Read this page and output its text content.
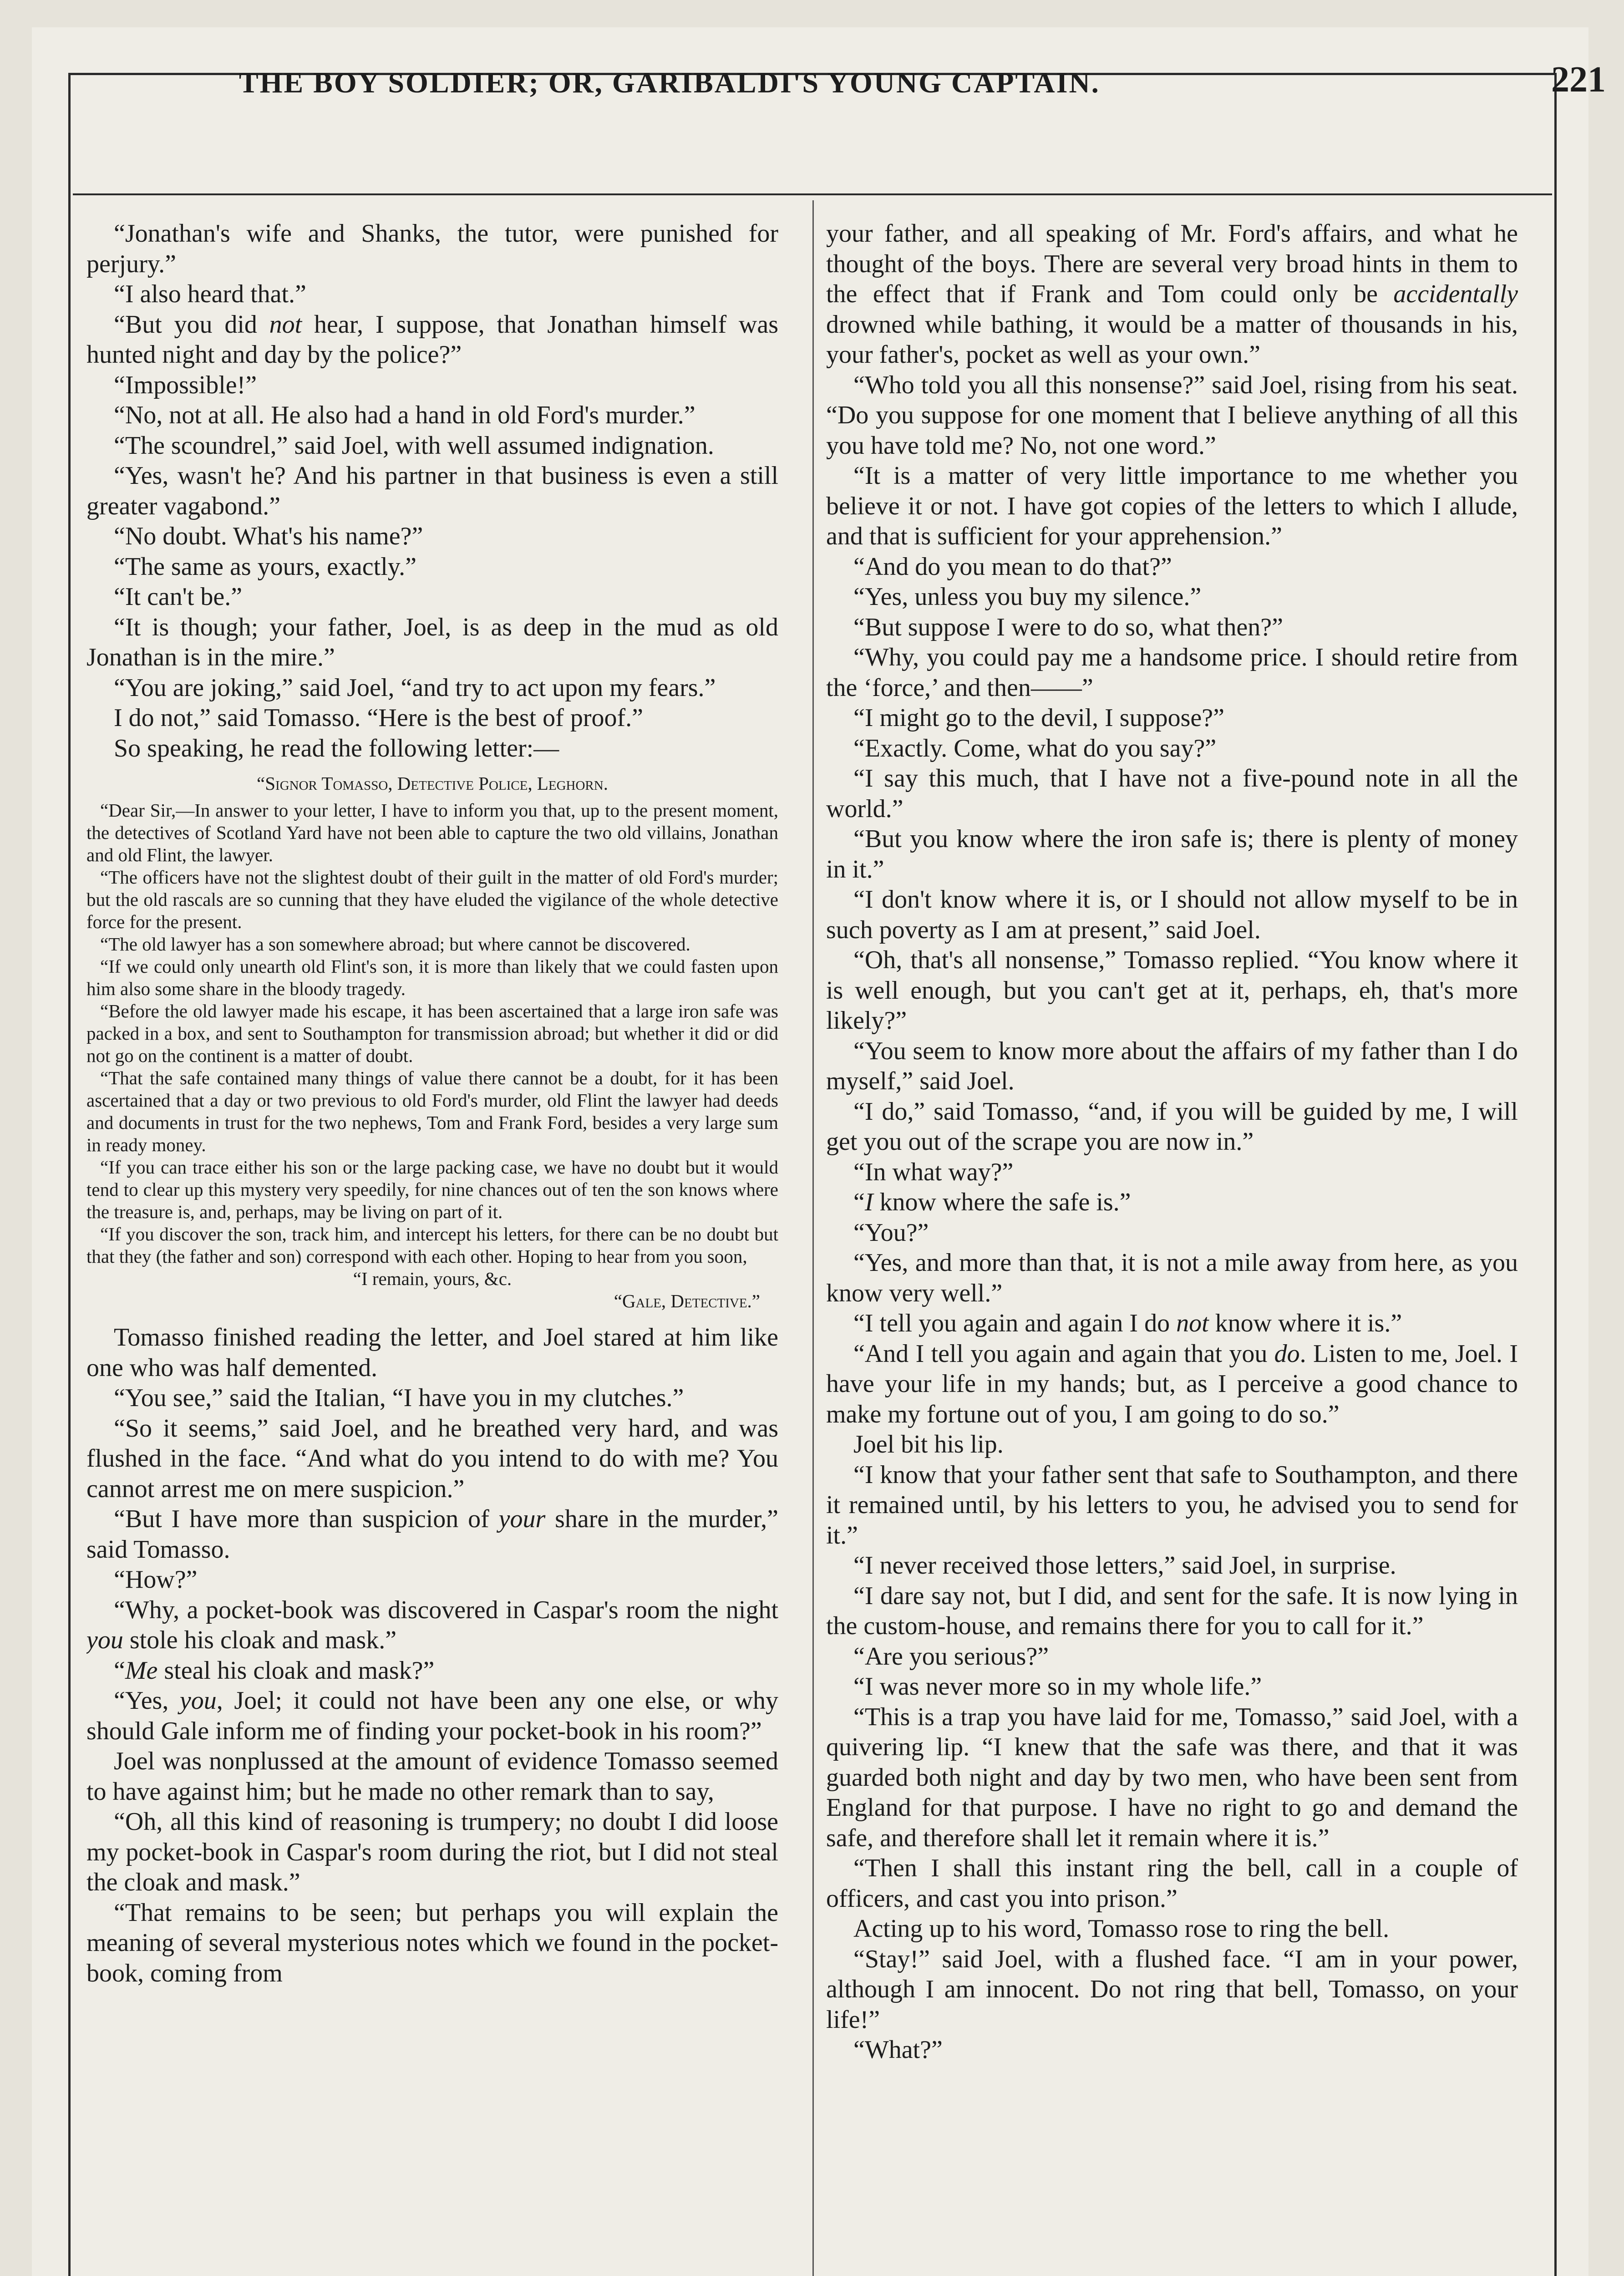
THE BOY SOLDIER; OR, GARIBALDI'S YOUNG CAPTAIN.	221

“Jonathan's wife and Shanks, the tutor, were punished for perjury.”

“I also heard that.”

“But you did not hear, I suppose, that Jonathan himself was hunted night and day by the police?”

“Impossible!”

“No, not at all. He also had a hand in old Ford's murder.”

“The scoundrel,” said Joel, with well assumed indignation.

“Yes, wasn't he? And his partner in that business is even a still greater vagabond.”

“No doubt. What's his name?”

“The same as yours, exactly.”

“It can't be.”

“It is though; your father, Joel, is as deep in the mud as old Jonathan is in the mire.”

“You are joking,” said Joel, “and try to act upon my fears.”

I do not,” said Tomasso. “Here is the best of proof.”

So speaking, he read the following letter:—

“Signor Tomasso, Detective Police, Leghorn.

“Dear Sir,—In answer to your letter, I have to inform you that, up to the present moment, the detectives of Scotland Yard have not been able to capture the two old villains, Jonathan and old Flint, the lawyer.

“The officers have not the slightest doubt of their guilt in the matter of old Ford's murder; but the old rascals are so cunning that they have eluded the vigilance of the whole detective force for the present.

“The old lawyer has a son somewhere abroad; but where cannot be discovered.

“If we could only unearth old Flint's son, it is more than likely that we could fasten upon him also some share in the bloody tragedy.

“Before the old lawyer made his escape, it has been ascertained that a large iron safe was packed in a box, and sent to Southampton for transmission abroad; but whether it did or did not go on the continent is a matter of doubt.

“That the safe contained many things of value there cannot be a doubt, for it has been ascertained that a day or two previous to old Ford's murder, old Flint the lawyer had deeds and documents in trust for the two nephews, Tom and Frank Ford, besides a very large sum in ready money.

“If you can trace either his son or the large packing case, we have no doubt but it would tend to clear up this mystery very speedily, for nine chances out of ten the son knows where the treasure is, and, perhaps, may be living on part of it.

“If you discover the son, track him, and intercept his letters, for there can be no doubt but that they (the father and son) correspond with each other. Hoping to hear from you soon,

“I remain, yours, &c.

“Gale, Detective.”

Tomasso finished reading the letter, and Joel stared at him like one who was half demented.

“You see,” said the Italian, “I have you in my clutches.”

“So it seems,” said Joel, and he breathed very hard, and was flushed in the face. “And what do you intend to do with me? You cannot arrest me on mere suspicion.”

“But I have more than suspicion of your share in the murder,” said Tomasso.

“How?”

“Why, a pocket-book was discovered in Caspar's room the night you stole his cloak and mask.”

“Me steal his cloak and mask?”

“Yes, you, Joel; it could not have been any one else, or why should Gale inform me of finding your pocket-book in his room?”

Joel was nonplussed at the amount of evidence Tomasso seemed to have against him; but he made no other remark than to say,

“Oh, all this kind of reasoning is trumpery; no doubt I did loose my pocket-book in Caspar's room during the riot, but I did not steal the cloak and mask.”

“That remains to be seen; but perhaps you will explain the meaning of several mysterious notes which we found in the pocket-book, coming from

your father, and all speaking of Mr. Ford's affairs, and what he thought of the boys. There are several very broad hints in them to the effect that if Frank and Tom could only be accidentally drowned while bathing, it would be a matter of thousands in his, your father's, pocket as well as your own.”

“Who told you all this nonsense?” said Joel, rising from his seat. “Do you suppose for one moment that I believe anything of all this you have told me? No, not one word.”

“It is a matter of very little importance to me whether you believe it or not. I have got copies of the letters to which I allude, and that is sufficient for your apprehension.”

“And do you mean to do that?”

“Yes, unless you buy my silence.”

“But suppose I were to do so, what then?”

“Why, you could pay me a handsome price. I should retire from the ‘force,’ and then——”

“I might go to the devil, I suppose?”

“Exactly. Come, what do you say?”

“I say this much, that I have not a five-pound note in all the world.”

“But you know where the iron safe is; there is plenty of money in it.”

“I don't know where it is, or I should not allow myself to be in such poverty as I am at present,” said Joel.

“Oh, that's all nonsense,” Tomasso replied. “You know where it is well enough, but you can't get at it, perhaps, eh, that's more likely?”

“You seem to know more about the affairs of my father than I do myself,” said Joel.

“I do,” said Tomasso, “and, if you will be guided by me, I will get you out of the scrape you are now in.”

“In what way?”

“I know where the safe is.”

“You?”

“Yes, and more than that, it is not a mile away from here, as you know very well.”

“I tell you again and again I do not know where it is.”

“And I tell you again and again that you do. Listen to me, Joel. I have your life in my hands; but, as I perceive a good chance to make my fortune out of you, I am going to do so.”

Joel bit his lip.

“I know that your father sent that safe to Southampton, and there it remained until, by his letters to you, he advised you to send for it.”

“I never received those letters,” said Joel, in surprise.

“I dare say not, but I did, and sent for the safe. It is now lying in the custom-house, and remains there for you to call for it.”

“Are you serious?”

“I was never more so in my whole life.”

“This is a trap you have laid for me, Tomasso,” said Joel, with a quivering lip. “I knew that the safe was there, and that it was guarded both night and day by two men, who have been sent from England for that purpose. I have no right to go and demand the safe, and therefore shall let it remain where it is.”

“Then I shall this instant ring the bell, call in a couple of officers, and cast you into prison.”

Acting up to his word, Tomasso rose to ring the bell.

“Stay!” said Joel, with a flushed face. “I am in your power, although I am innocent. Do not ring that bell, Tomasso, on your life!”

“What?”
